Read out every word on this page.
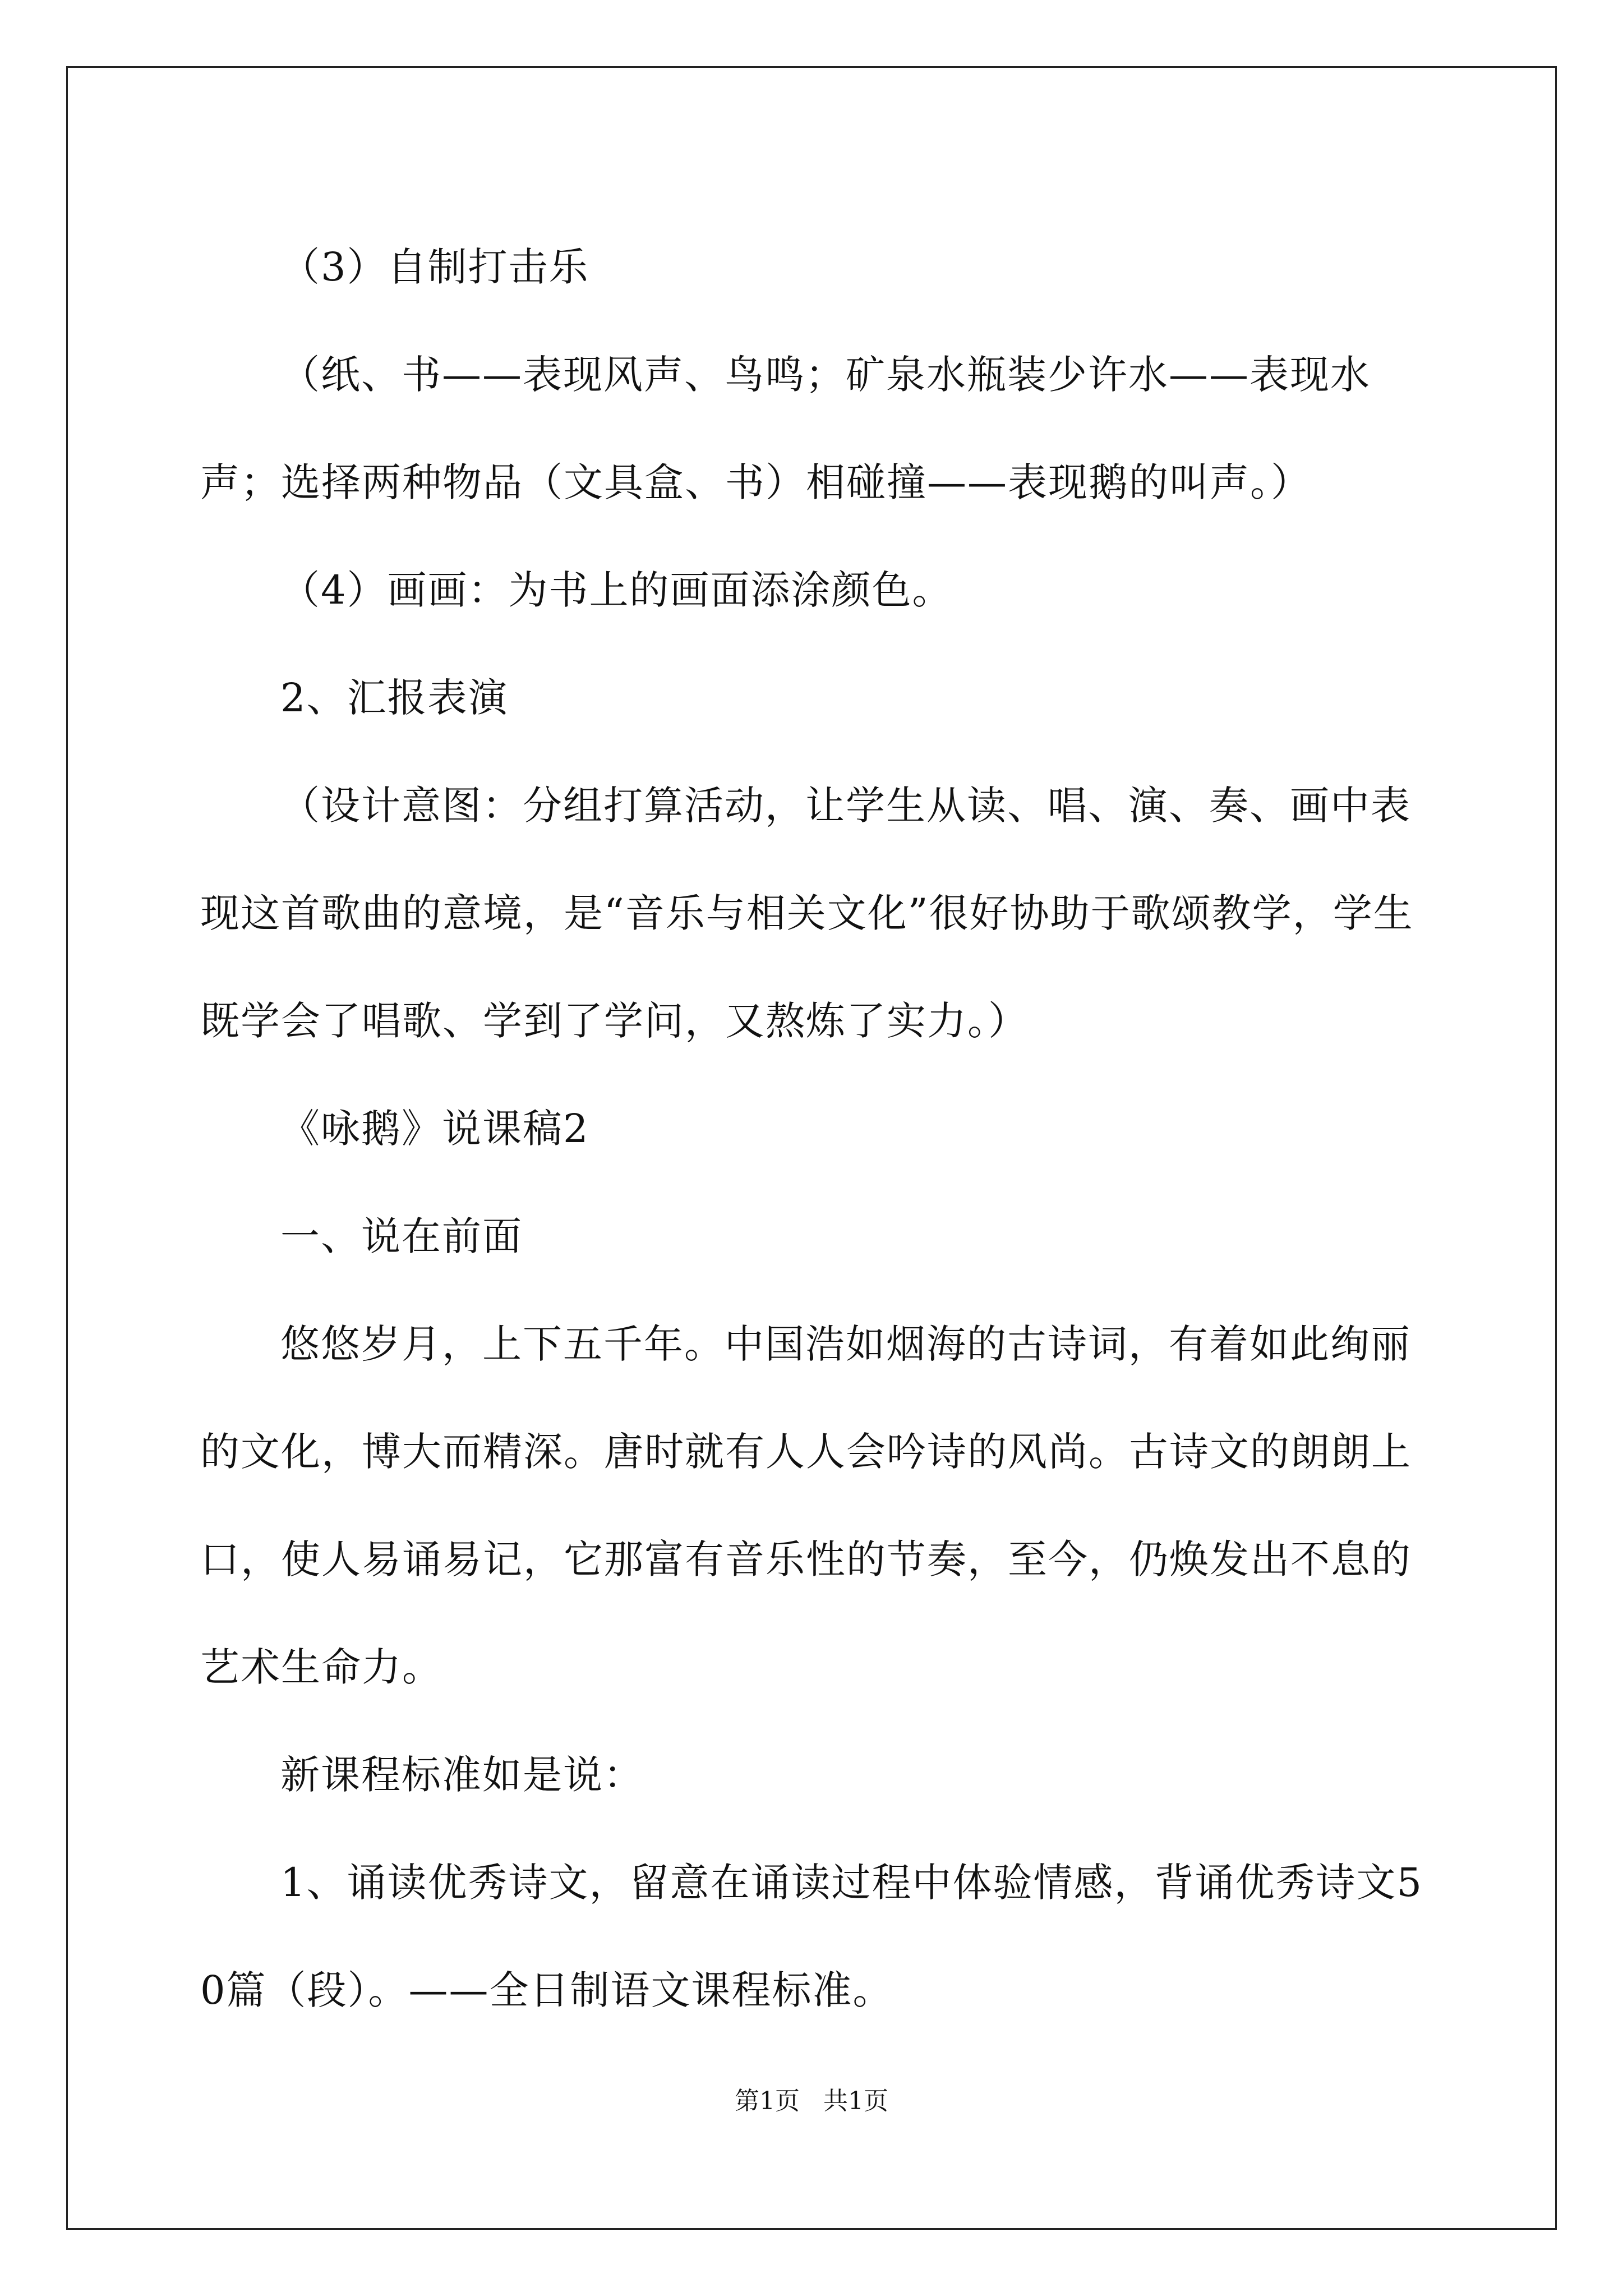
（3）自制打击乐

（纸、书——表现风声、鸟鸣；矿泉水瓶装少许水——表现水声；选择两种物品（文具盒、书）相碰撞——表现鹅的叫声。）

（4）画画：为书上的画面添涂颜色。

2、汇报表演

（设计意图：分组打算活动，让学生从读、唱、演、奏、画中表现这首歌曲的意境，是“音乐与相关文化”很好协助于歌颂教学，学生既学会了唱歌、学到了学问，又熬炼了实力。）

《咏鹅》说课稿2

一、说在前面

悠悠岁月，上下五千年。中国浩如烟海的古诗词，有着如此绚丽的文化，博大而精深。唐时就有人人会吟诗的风尚。古诗文的朗朗上口，使人易诵易记，它那富有音乐性的节奏，至今，仍焕发出不息的艺术生命力。

新课程标准如是说：

1、诵读优秀诗文，留意在诵读过程中体验情感，背诵优秀诗文50篇（段）。——全日制语文课程标准。

第1页 共1页
